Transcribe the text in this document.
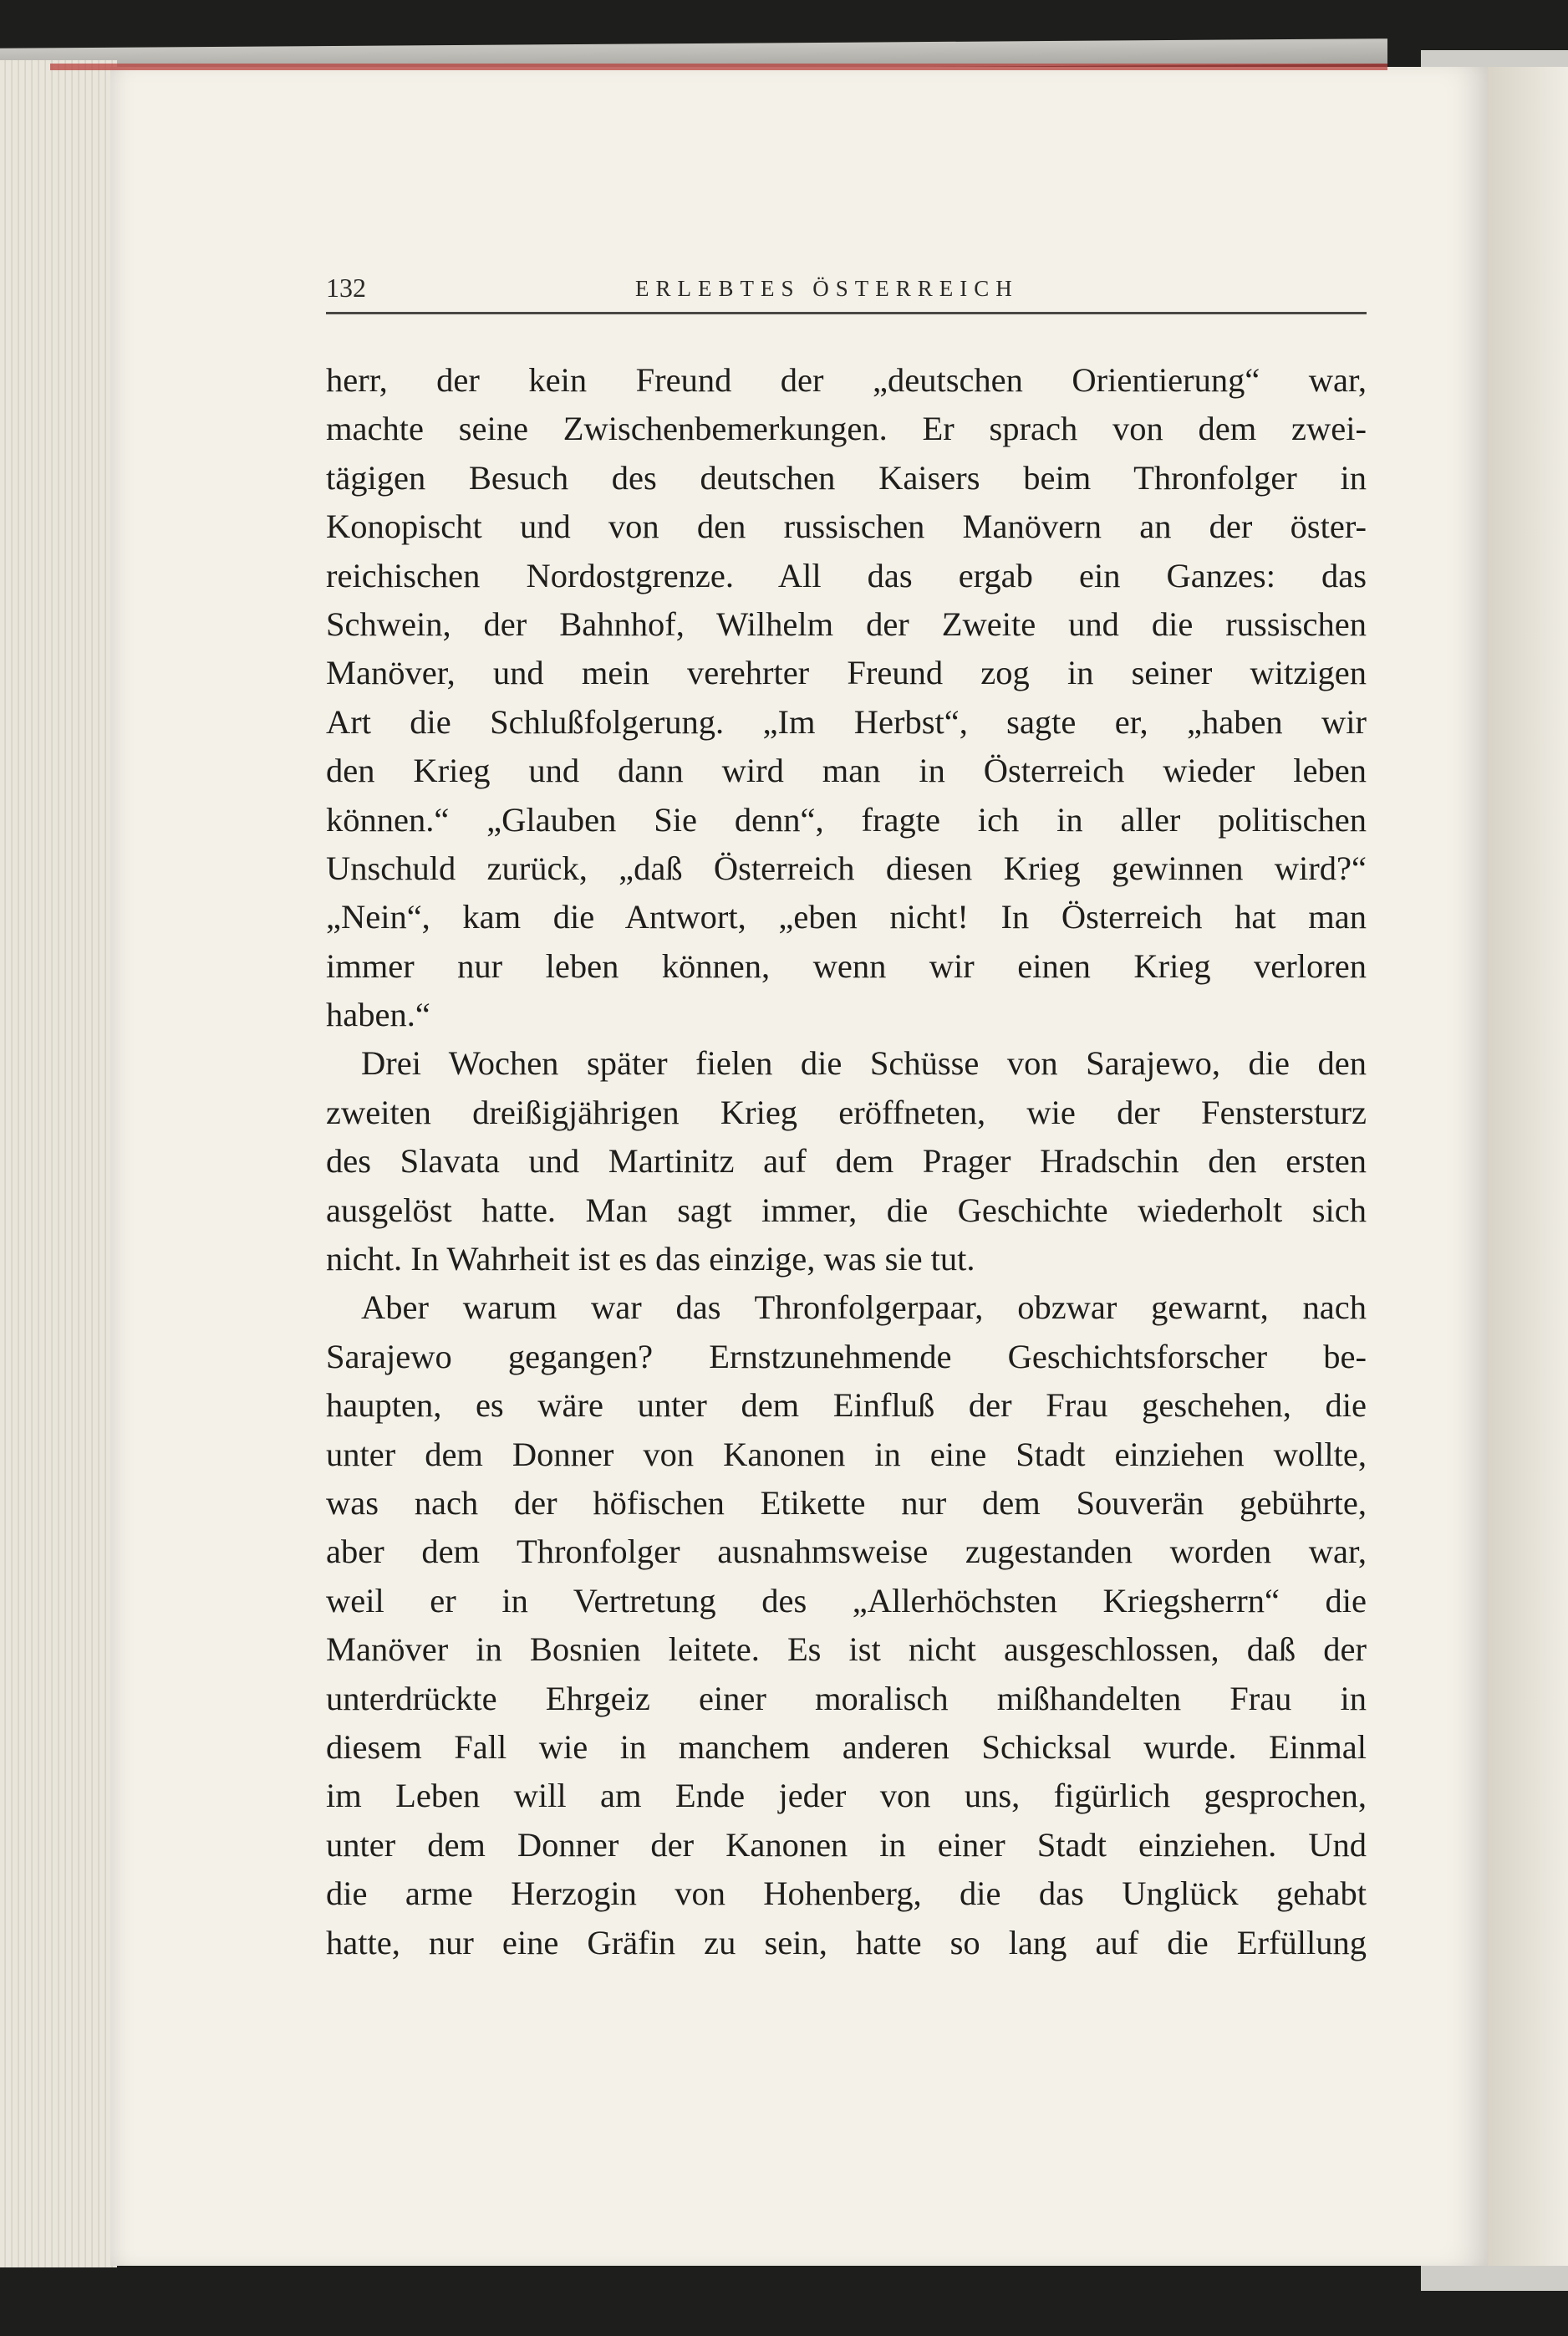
132	ERLEBTES ÖSTERREICH
herr, der kein Freund der „deutschen Orientierung“ war,
machte seine Zwischenbemerkungen. Er sprach von dem zwei-
tägigen Besuch des deutschen Kaisers beim Thronfolger in
Konopischt und von den russischen Manövern an der öster-
reichischen Nordostgrenze. All das ergab ein Ganzes: das
Schwein, der Bahnhof, Wilhelm der Zweite und die russischen
Manöver, und mein verehrter Freund zog in seiner witzigen
Art die Schlußfolgerung. „Im Herbst“, sagte er, „haben wir
den Krieg und dann wird man in Österreich wieder leben
können.“ „Glauben Sie denn“, fragte ich in aller politischen
Unschuld zurück, „daß Österreich diesen Krieg gewinnen wird?“
„Nein“, kam die Antwort, „eben nicht! In Österreich hat man
immer nur leben können, wenn wir einen Krieg verloren
haben.“
Drei Wochen später fielen die Schüsse von Sarajewo, die den
zweiten dreißigjährigen Krieg eröffneten, wie der Fenstersturz
des Slavata und Martinitz auf dem Prager Hradschin den ersten
ausgelöst hatte. Man sagt immer, die Geschichte wiederholt sich
nicht. In Wahrheit ist es das einzige, was sie tut.
Aber warum war das Thronfolgerpaar, obzwar gewarnt, nach
Sarajewo gegangen? Ernstzunehmende Geschichtsforscher be-
haupten, es wäre unter dem Einfluß der Frau geschehen, die
unter dem Donner von Kanonen in eine Stadt einziehen wollte,
was nach der höfischen Etikette nur dem Souverän gebührte,
aber dem Thronfolger ausnahmsweise zugestanden worden war,
weil er in Vertretung des „Allerhöchsten Kriegsherrn“ die
Manöver in Bosnien leitete. Es ist nicht ausgeschlossen, daß der
unterdrückte Ehrgeiz einer moralisch mißhandelten Frau in
diesem Fall wie in manchem anderen Schicksal wurde. Einmal
im Leben will am Ende jeder von uns, figürlich gesprochen,
unter dem Donner der Kanonen in einer Stadt einziehen. Und
die arme Herzogin von Hohenberg, die das Unglück gehabt
hatte, nur eine Gräfin zu sein, hatte so lang auf die Erfüllung
